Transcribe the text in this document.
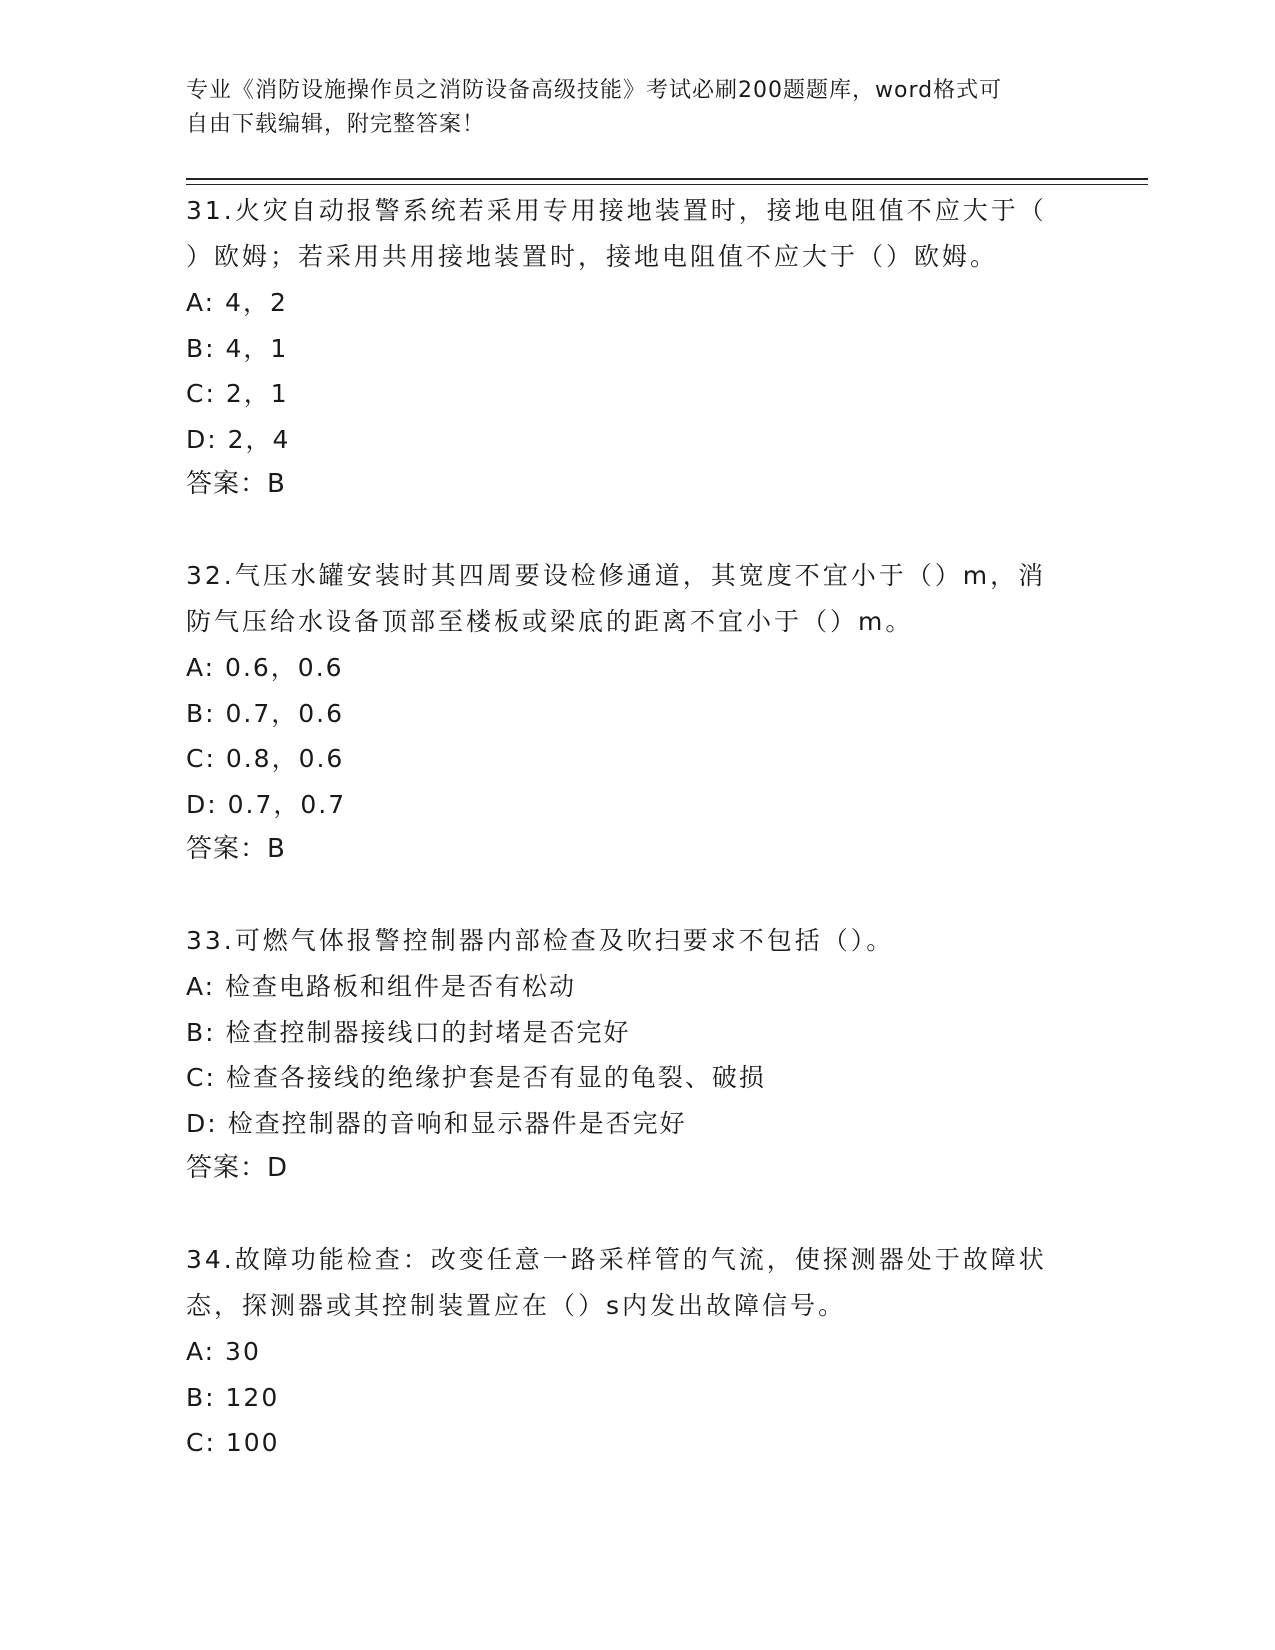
专业《消防设施操作员之消防设备高级技能》考试必刷200题题库，word格式可
自由下载编辑，附完整答案！

31.火灾自动报警系统若采用专用接地装置时，接地电阻值不应大于（

）欧姆；若采用共用接地装置时，接地电阻值不应大于（）欧姆。

A: 4，2

B: 4，1

C: 2，1

D: 2，4

答案：B

32.气压水罐安装时其四周要设检修通道，其宽度不宜小于（）m，消

防气压给水设备顶部至楼板或梁底的距离不宜小于（）m。

A: 0.6，0.6

B: 0.7，0.6

C: 0.8，0.6

D: 0.7，0.7

答案：B

33.可燃气体报警控制器内部检查及吹扫要求不包括（）。

A: 检查电路板和组件是否有松动

B: 检查控制器接线口的封堵是否完好

C: 检查各接线的绝缘护套是否有显的龟裂、破损

D: 检查控制器的音响和显示器件是否完好

答案：D

34.故障功能检查：改变任意一路采样管的气流，使探测器处于故障状

态，探测器或其控制装置应在（）s内发出故障信号。

A: 30

B: 120

C: 100
